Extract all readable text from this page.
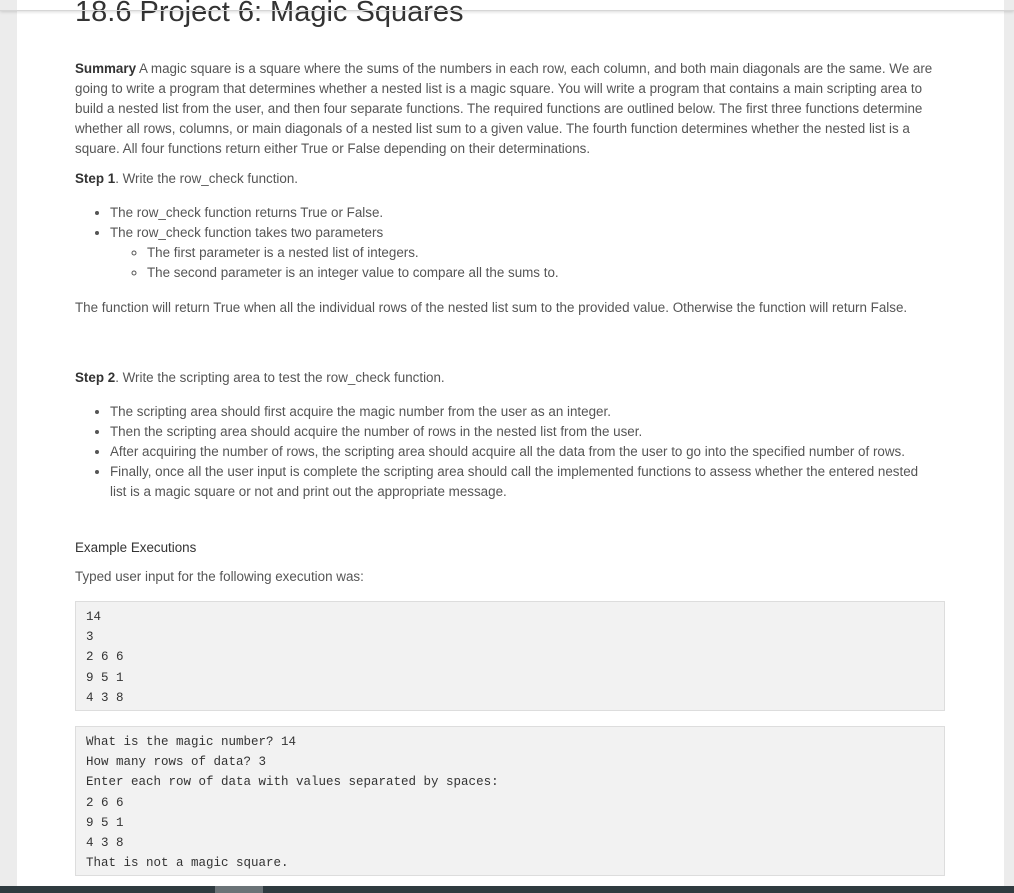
18.6 Project 6: Magic Squares

Summary A magic square is a square where the sums of the numbers in each row, each column, and both main diagonals are the same. We are going to write a program that determines whether a nested list is a magic square. You will write a program that contains a main scripting area to build a nested list from the user, and then four separate functions. The required functions are outlined below. The first three functions determine whether all rows, columns, or main diagonals of a nested list sum to a given value. The fourth function determines whether the nested list is a square. All four functions return either True or False depending on their determinations.

Step 1. Write the row_check function.

• The row_check function returns True or False.
• The row_check function takes two parameters
◦ The first parameter is a nested list of integers.
◦ The second parameter is an integer value to compare all the sums to.

The function will return True when all the individual rows of the nested list sum to the provided value. Otherwise the function will return False.

Step 2. Write the scripting area to test the row_check function.

• The scripting area should first acquire the magic number from the user as an integer.
• Then the scripting area should acquire the number of rows in the nested list from the user.
• After acquiring the number of rows, the scripting area should acquire all the data from the user to go into the specified number of rows.
• Finally, once all the user input is complete the scripting area should call the implemented functions to assess whether the entered nested list is a magic square or not and print out the appropriate message.

Example Executions

Typed user input for the following execution was:

14
3
2 6 6
9 5 1
4 3 8
What is the magic number? 14
How many rows of data? 3
Enter each row of data with values separated by spaces:
2 6 6
9 5 1
4 3 8
That is not a magic square.
